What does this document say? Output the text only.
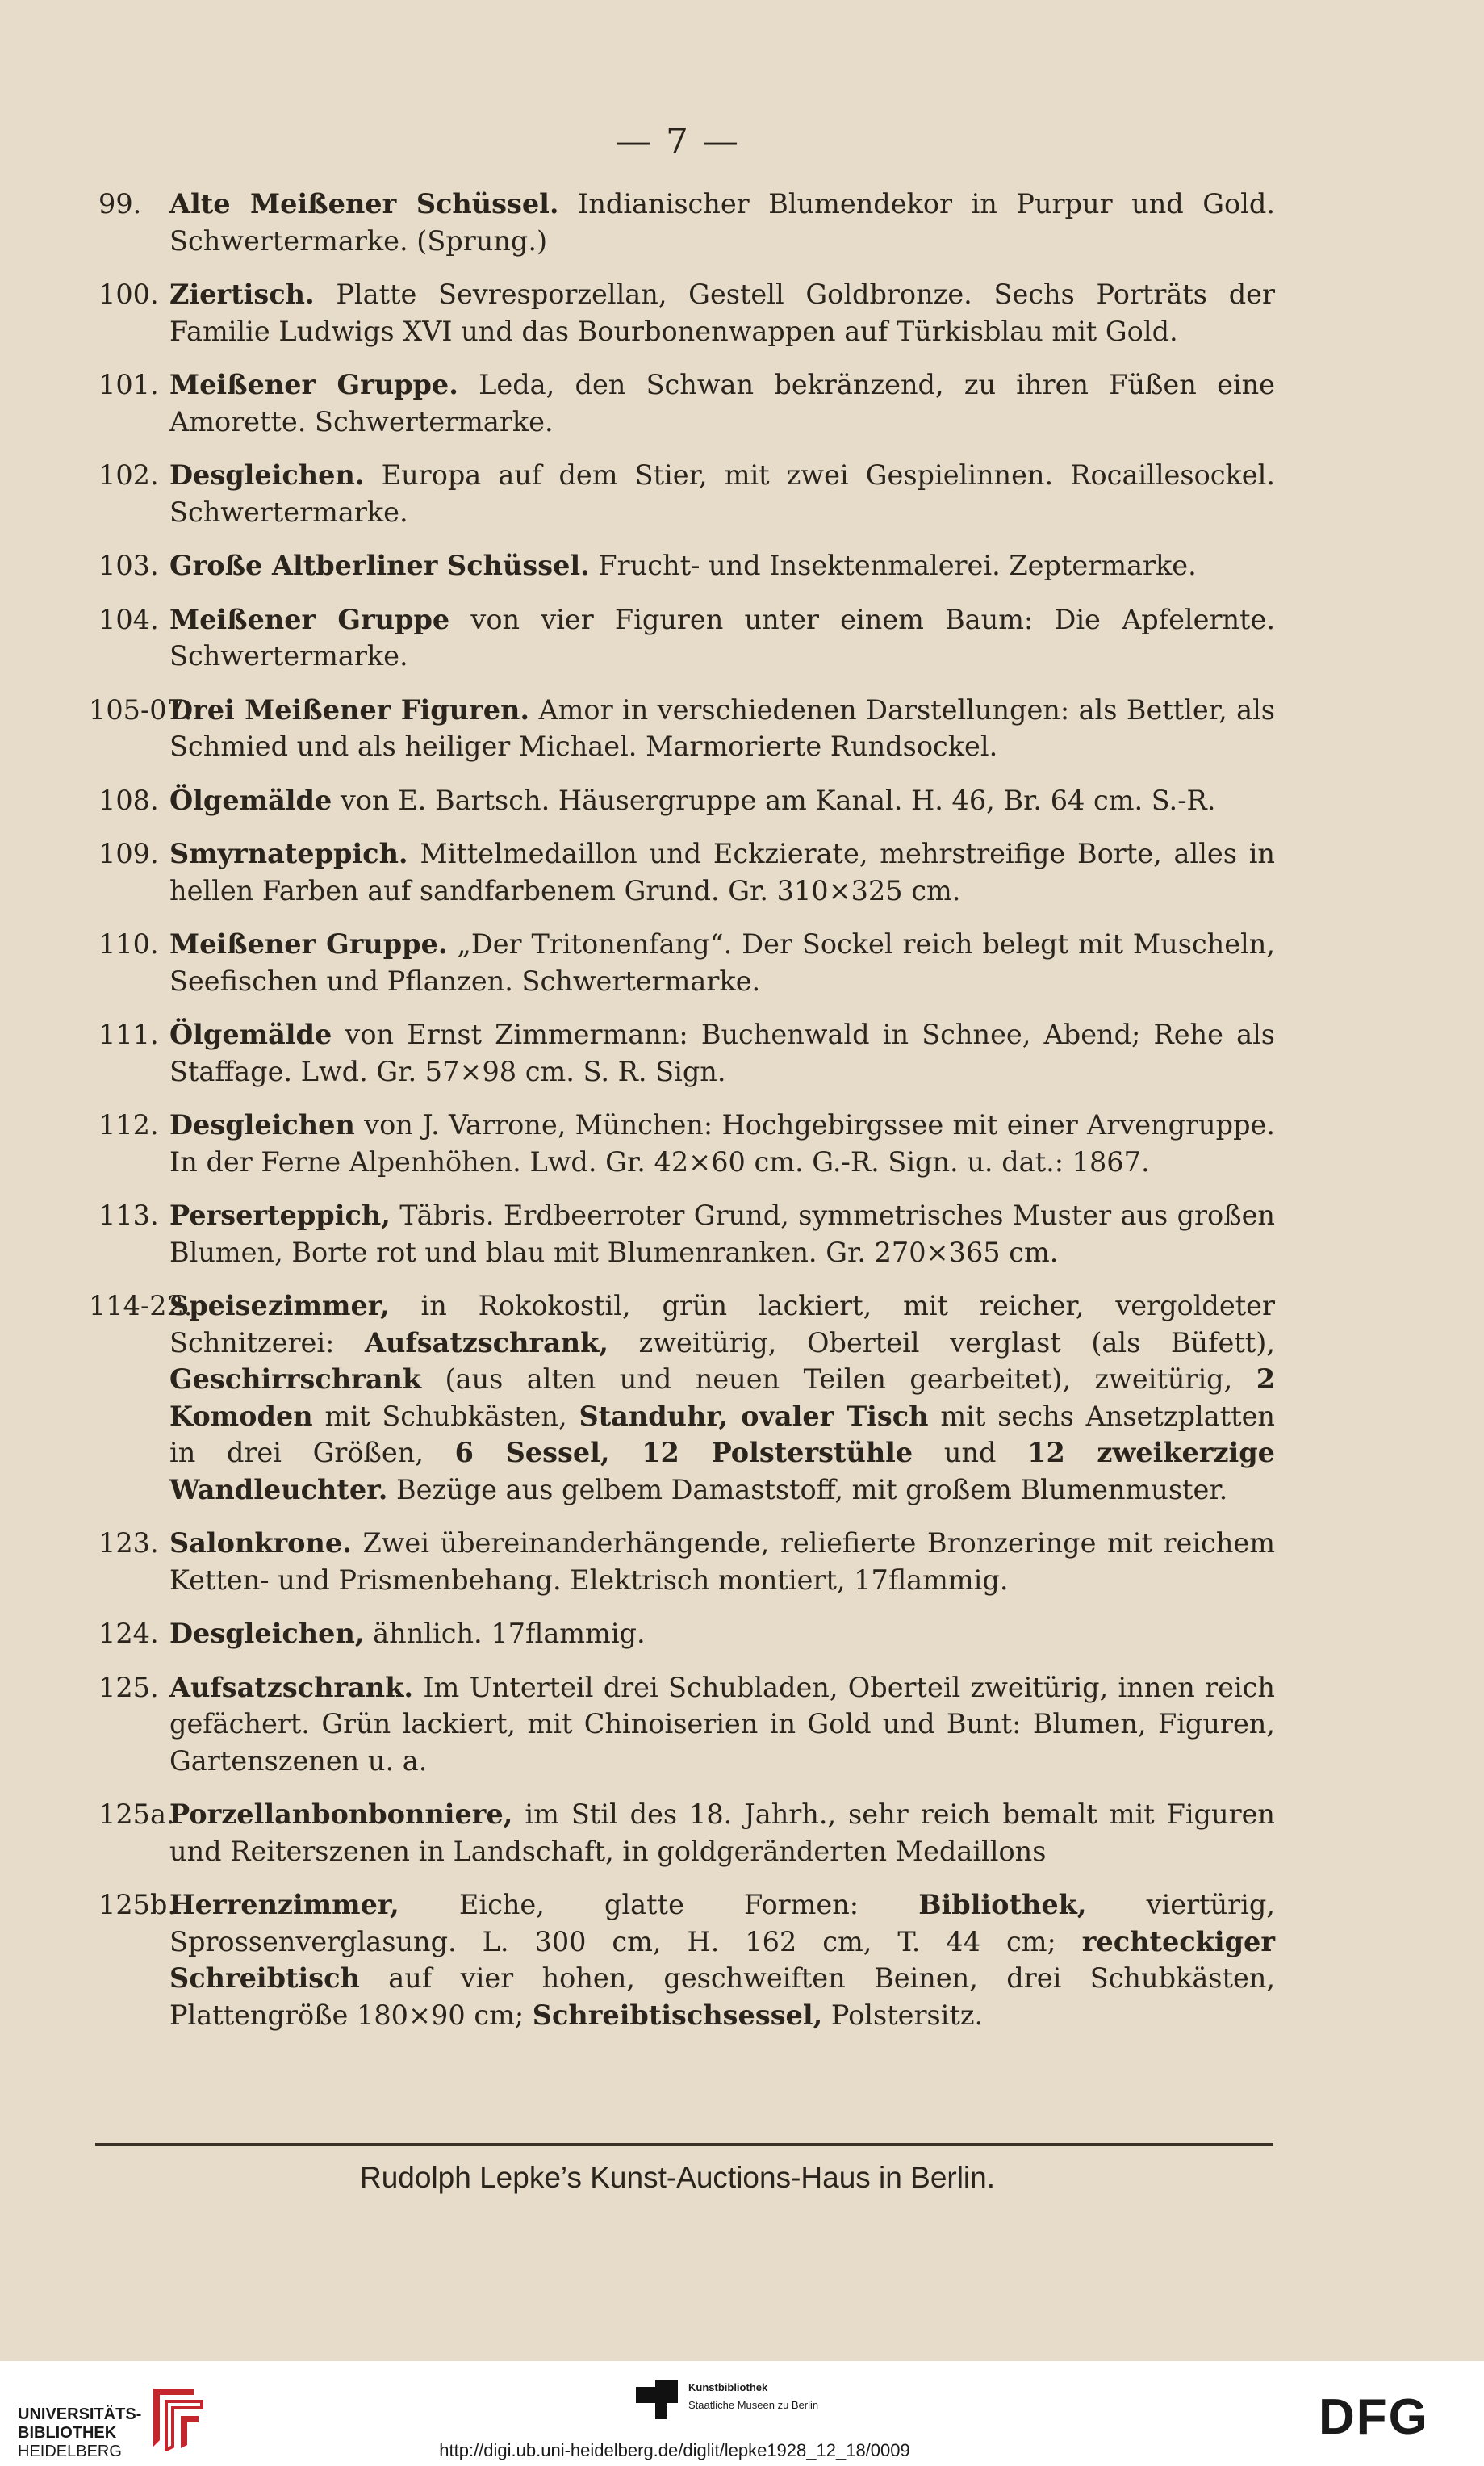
— 7 —
99. Alte Meißener Schüssel. Indianischer Blumendekor in Purpur und Gold. Schwertermarke. (Sprung.)
100. Ziertisch. Platte Sevresporzellan, Gestell Goldbronze. Sechs Porträts der Familie Ludwigs XVI und das Bourbonenwappen auf Türkisblau mit Gold.
101. Meißener Gruppe. Leda, den Schwan bekränzend, zu ihren Füßen eine Amorette. Schwertermarke.
102. Desgleichen. Europa auf dem Stier, mit zwei Gespielinnen. Rocaillesockel. Schwertermarke.
103. Große Altberliner Schüssel. Frucht- und Insektenmalerei. Zeptermarke.
104. Meißener Gruppe von vier Figuren unter einem Baum: Die Apfelernte. Schwertermarke.
105-07.
Drei Meißener Figuren. Amor in verschiedenen Darstellungen: als Bettler, als Schmied und als heiliger Michael. Marmorierte Rundsockel.
108. Ölgemälde von E. Bartsch. Häusergruppe am Kanal. H. 46, Br. 64 cm. S.-R.
109. Smyrnateppich. Mittelmedaillon und Eckzierate, mehrstreifige Borte, alles in hellen Farben auf sandfarbenem Grund. Gr. 310×325 cm.
110. Meißener Gruppe. „Der Tritonenfang“. Der Sockel reich belegt mit Muscheln, Seefischen und Pflanzen. Schwertermarke.
111. Ölgemälde von Ernst Zimmermann: Buchenwald in Schnee, Abend; Rehe als Staffage. Lwd. Gr. 57×98 cm. S. R. Sign.
112. Desgleichen von J. Varrone, München: Hochgebirgssee mit einer Arvengruppe. In der Ferne Alpenhöhen. Lwd. Gr. 42×60 cm. G.-R. Sign. u. dat.: 1867.
113. Perserteppich, Täbris. Erdbeerroter Grund, symmetrisches Muster aus großen Blumen, Borte rot und blau mit Blumenranken. Gr. 270×365 cm.
114-22.
Speisezimmer, in Rokokostil, grün lackiert, mit reicher, vergoldeter Schnitzerei: Aufsatzschrank, zweitürig, Oberteil verglast (als Büfett), Geschirrschrank (aus alten und neuen Teilen gearbeitet), zweitürig, 2 Komoden mit Schubkästen, Standuhr, ovaler Tisch mit sechs Ansetzplatten in drei Größen, 6 Sessel, 12 Polsterstühle und 12 zweikerzige Wandleuchter. Bezüge aus gelbem Damaststoff, mit großem Blumenmuster.
123. Salonkrone. Zwei übereinanderhängende, reliefierte Bronzeringe mit reichem Ketten- und Prismenbehang. Elektrisch montiert, 17flammig.
124. Desgleichen, ähnlich. 17flammig.
125. Aufsatzschrank. Im Unterteil drei Schubladen, Oberteil zweitürig, innen reich gefächert. Grün lackiert, mit Chinoiserien in Gold und Bunt: Blumen, Figuren, Gartenszenen u. a.
125a.
Porzellanbonbonniere, im Stil des 18. Jahrh., sehr reich bemalt mit Figuren und Reiterszenen in Landschaft, in goldgeränderten Medaillons
125b.
Herrenzimmer, Eiche, glatte Formen: Bibliothek, viertürig, Sprossenverglasung. L. 300 cm, H. 162 cm, T. 44 cm; rechteckiger Schreibtisch auf vier hohen, geschweiften Beinen, drei Schubkästen, Plattengröße 180×90 cm; Schreibtischsessel, Polstersitz.
Rudolph Lepke’s Kunst-Auctions-Haus in Berlin.
UNIVERSITÄTS-
BIBLIOTHEK
HEIDELBERG
Kunstbibliothek
Staatliche Museen zu Berlin	DFG
http://digi.ub.uni-heidelberg.de/diglit/lepke1928_12_18/0009
